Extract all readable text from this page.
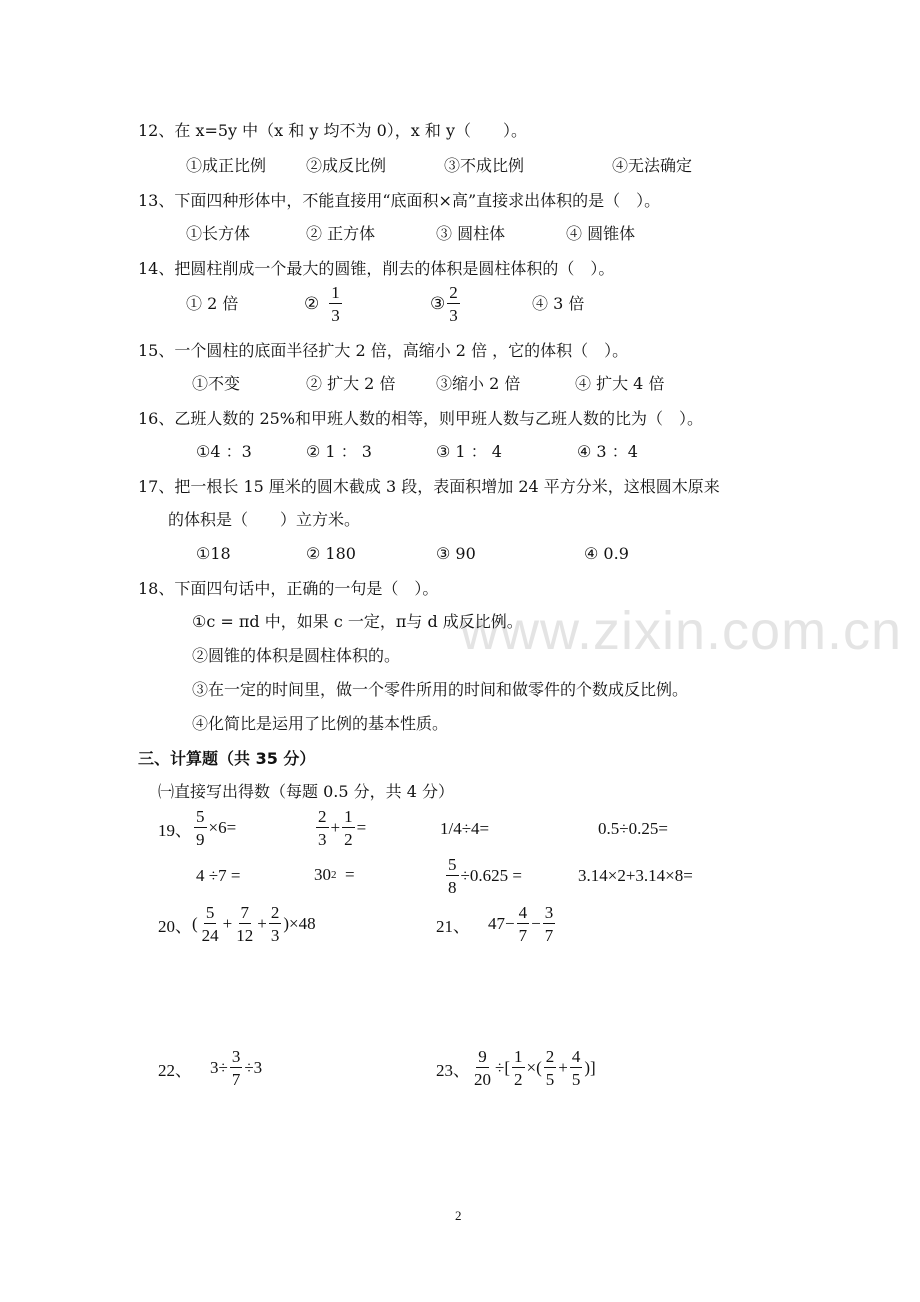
www.zixin.com.cn
12、在 x=5y 中（x 和 y 均不为 0），x 和 y（　　）。
①成正比例 ②成反比例	③不成比例	④无法确定
13、下面四种形体中，不能直接用“底面积×高”直接求出体积的是（　）。
①长方体	② 正方体	③ 圆柱体	④ 圆锥体
14、把圆柱削成一个最大的圆锥，削去的体积是圆柱体积的（　）。
① 2 倍	② $\frac{1}{3}$	③ $\frac{2}{3}$	④ 3 倍
15、一个圆柱的底面半径扩大 2 倍，高缩小 2 倍 ，它的体积（　）。
①不变	② 扩大 2 倍	③缩小 2 倍	④ 扩大 4 倍
16、乙班人数的 25%和甲班人数的相等，则甲班人数与乙班人数的比为（　）。
①4 ：3	② 1 ： 3	③ 1 ： 4	④ 3 ：4
17、把一根长 15 厘米的圆木截成 3 段，表面积增加 24 平方分米，这根圆木原来
的体积是（　　）立方米。
①18	② 180	③ 90	④ 0.9
18、下面四句话中，正确的一句是（　）。
①c = πd 中，如果 c 一定，π与 d 成反比例。
②圆锥的体积是圆柱体积的。
③在一定的时间里，做一个零件所用的时间和做零件的个数成反比例。
④化简比是运用了比例的基本性质。
三、计算题（共 35 分）
㈠直接写出得数（每题 0.5 分，共 4 分）
19、 $\frac{5}{9} \times 6=$	$\frac{2}{3} + \frac{1}{2}$ =	1/4÷4=	0.5÷0.25=
4 ÷7 =	30 2 =	$\frac{5}{8} \div 0.625$ =	3.14×2+3.14×8=
20、 ( $\frac{5}{24} + \frac{7}{12} + \frac{2}{3} )\times 48$	21、 $47- \frac{4}{7} - \frac{3}{7}$
22、 $3\div \frac{3}{7} \div 3$	23、 $\frac{9}{20}$ ÷[ $\frac{1}{2}$ ×( $\frac{2}{5} + \frac{4}{5}$ )]
2
